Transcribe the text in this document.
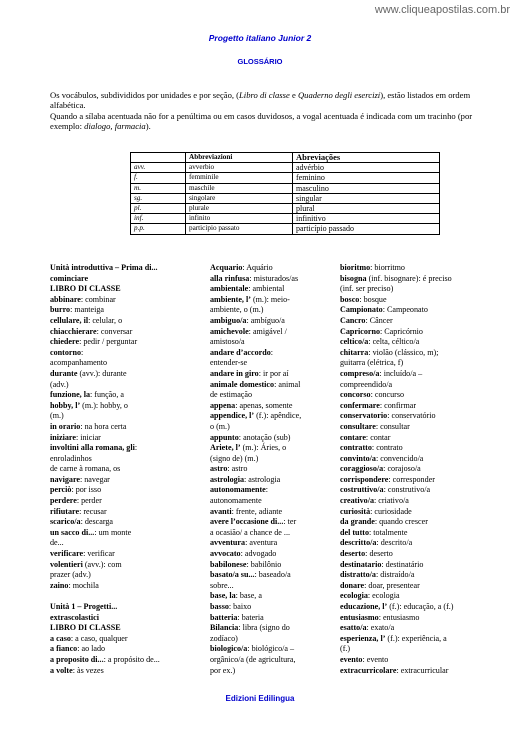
www.cliqueapostilas.com.br
Progetto italiano Junior 2
GLOSSÁRIO

Os vocábulos, subdivididos por unidades e por seção, (Libro di classe e Quaderno degli esercizi), estão listados em ordem alfabética.

Quando a sílaba acentuada não for a penúltima ou em casos duvidosos, a vogal acentuada é indicada com um tracinho (por exemplo: dialogo, farmacia).

	Abbreviazioni	Abreviações
avv.	avverbio	advérbio
f.	femminile	feminino
m.	maschile	masculino
sg.	singolare	singular
pl.	plurale	plural
inf.	infinito	infinitivo
p.p.	participio passato	particípio passado
Unità introduttiva – Prima di...
cominciare
LIBRO DI CLASSE
abbinare: combinar
burro: manteiga
cellulare, il: celular, o
chiacchierare: conversar
chiedere: pedir / perguntar
contorno:
acompanhamento
durante (avv.): durante
(adv.)
funzione, la: função, a
hobby, l’ (m.): hobby, o
(m.)
in orario: na hora certa
iniziare: iniciar
involtini alla romana, gli:
enroladinhos
de carne à romana, os
navigare: navegar
perciò: por isso
perdere: perder
rifiutare: recusar
scarico/a: descarga
un sacco di...: um monte
de...
verificare: verificar
volentieri (avv.): com
prazer (adv.)
zaino: mochila

Unità 1 – Progetti...
extrascolastici
LIBRO DI CLASSE
a caso: a caso, qualquer
a fianco: ao lado
a proposito di...: a propósito de...
a volte: às vezes
Acquario: Aquário
alla rinfusa: misturados/as
ambientale: ambiental
ambiente, l’ (m.): meio-
ambiente, o (m.)
ambiguo/a: ambíguo/a
amichevole: amigável /
amistoso/a
andare d’accordo:
entender-se
andare in giro: ir por aí
animale domestico: animal
de estimação
appena: apenas, somente
appendice, l’ (f.): apêndice,
o (m.)
appunto: anotação (sub)
Ariete, l’ (m.): Áries, o
(signo de) (m.)
astro: astro
astrologia: astrologia
autonomamente:
autonomamente
avanti: frente, adiante
avere l’occasione di...: ter
a ocasião/ a chance de ...
avventura: aventura
avvocato: advogado
babilonese: babilônio
basato/a su...: baseado/a
sobre...
base, la: base, a
basso: baixo
batteria: bateria
Bilancia: libra (signo do
zodíaco)
biologico/a: biológico/a –
orgânico/a (de agricultura,
por ex.)
bioritmo: biorritmo
bisogna (inf. bisognare): é preciso
(inf. ser preciso)
bosco: bosque
Campionato: Campeonato
Cancro: Câncer
Capricorno: Capricórnio
celtico/a: celta, céltico/a
chitarra: violão (clássico, m);
guitarra (elétrica, f)
compreso/a: incluído/a –
compreendido/a
concorso: concurso
confermare: confirmar
conservatorio: conservatório
consultare: consultar
contare: contar
contratto: contrato
convinto/a: convencido/a
coraggioso/a: corajoso/a
corrispondere: corresponder
costruttivo/a: construtivo/a
creativo/a: criativo/a
curiosità: curiosidade
da grande: quando crescer
del tutto: totalmente
descritto/a: descrito/a
deserto: deserto
destinatario: destinatário
distratto/a: distraído/a
donare: doar, presentear
ecologia: ecologia
educazione, l’ (f.): educação, a (f.)
entusiasmo: entusiasmo
esatto/a: exato/a
esperienza, l’ (f.): experiência, a
(f.)
evento: evento
extracurricolare: extracurricular
Edizioni Edilingua
